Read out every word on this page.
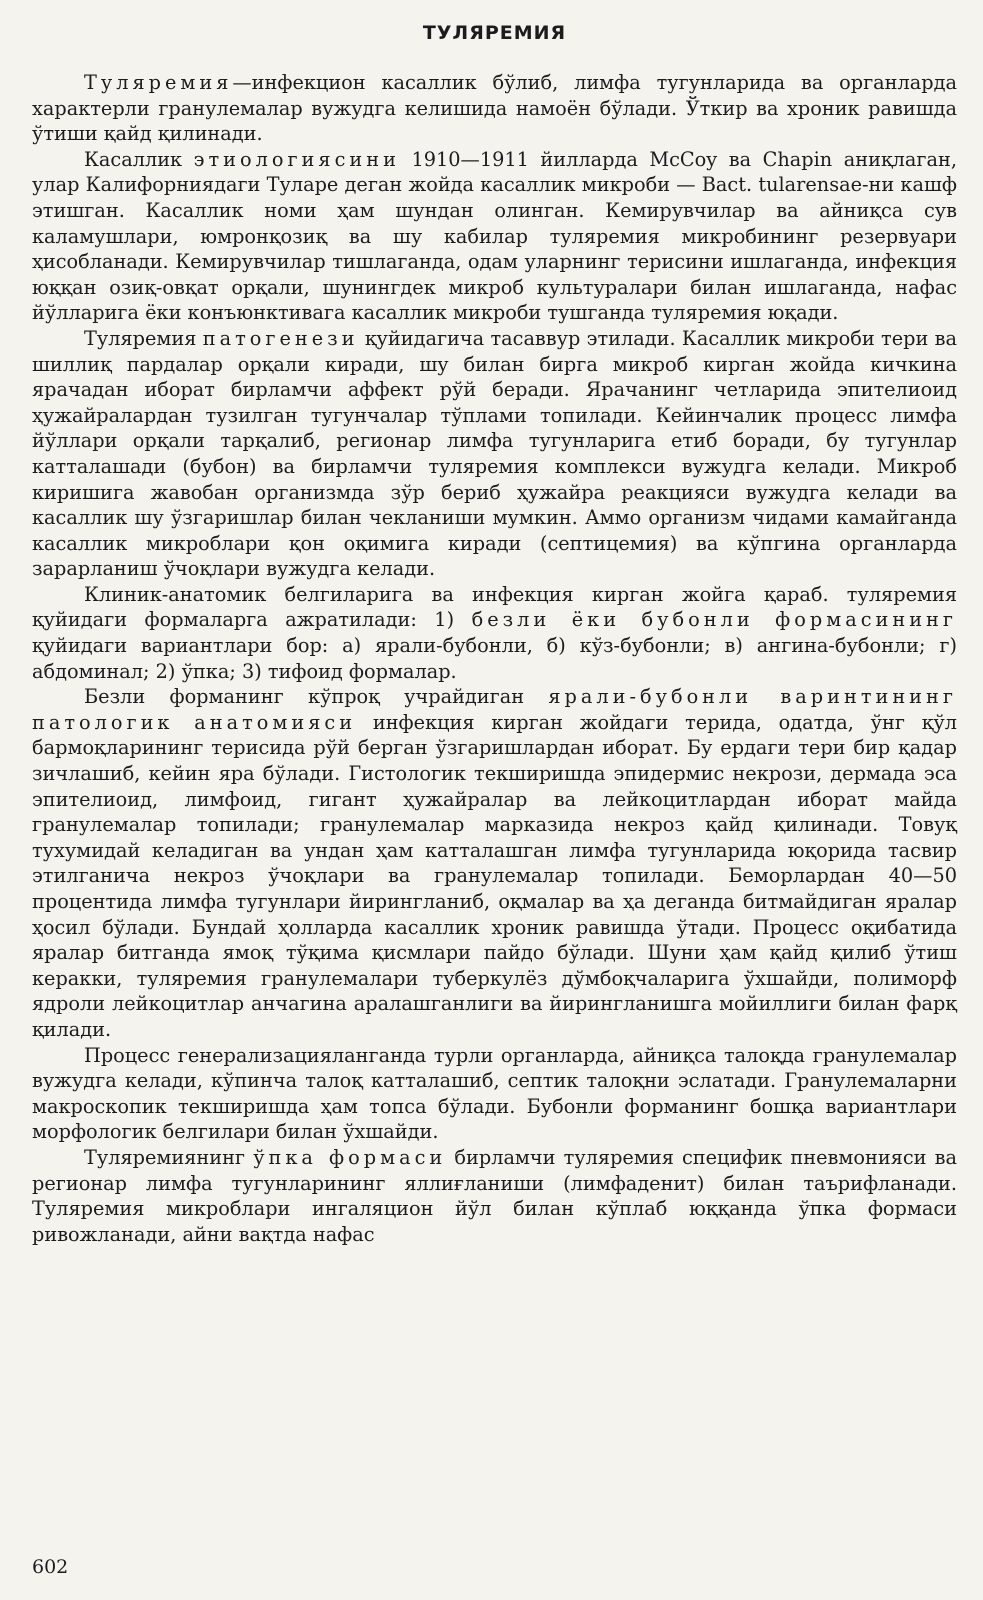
ТУЛЯРЕМИЯ

Туляремия—инфекцион касаллик бўлиб, лимфа тугунларида ва органларда характерли гранулемалар вужудга келишида намоён бўлади. Ўткир ва хроник равишда ўтиши қайд қилинади.

Касаллик этиологиясини 1910—1911 йилларда McCoy ва Chapin аниқлаган, улар Калифорниядаги Туларе деган жойда касаллик микроби — Bact. tularensae-ни кашф этишган. Касаллик номи ҳам шундан олинган. Кемирувчилар ва айниқса сув каламушлари, юмронқозиқ ва шу кабилар туляремия микробининг резервуари ҳисобланади. Кемирувчилар тишлаганда, одам уларнинг терисини ишлаганда, инфекция юққан озиқ-овқат орқали, шунингдек микроб культуралари билан ишлаганда, нафас йўлларига ёки конъюнктивага касаллик микроби тушганда туляремия юқади.

Туляремия патогенези қуйидагича тасаввур этилади. Касаллик микроби тери ва шиллиқ пардалар орқали киради, шу билан бирга микроб кирган жойда кичкина ярачадан иборат бирламчи аффект рўй беради. Ярачанинг четларида эпителиоид ҳужайралардан тузилган тугунчалар тўплами топилади. Кейинчалик процесс лимфа йўллари орқали тарқалиб, регионар лимфа тугунларига етиб боради, бу тугунлар катталашади (бубон) ва бирламчи туляремия комплекси вужудга келади. Микроб киришига жавобан организмда зўр бериб ҳужайра реакцияси вужудга келади ва касаллик шу ўзгаришлар билан чекланиши мумкин. Аммо организм чидами камайганда касаллик микроблари қон оқимига киради (септицемия) ва кўпгина органларда зарарланиш ўчоқлари вужудга келади.

Клиник-анатомик белгиларига ва инфекция кирган жойга қараб. туляремия қуйидаги формаларга ажратилади: 1) безли ёки бубонли формасининг қуйидаги вариантлари бор: а) ярали-бубонли, б) кўз-бубонли; в) ангина-бубонли; г) абдоминал; 2) ўпка; 3) тифоид формалар.

Безли форманинг кўпроқ учрайдиган ярали-бубонли варинтининг патологик анатомияси инфекция кирган жойдаги терида, одатда, ўнг қўл бармоқларининг терисида рўй берган ўзгаришлардан иборат. Бу ердаги тери бир қадар зичлашиб, кейин яра бўлади. Гистологик текширишда эпидермис некрози, дермада эса эпителиоид, лимфоид, гигант ҳужайралар ва лейкоцитлардан иборат майда гранулемалар топилади; гранулемалар марказида некроз қайд қилинади. Товуқ тухумидай келадиган ва ундан ҳам катталашган лимфа тугунларида юқорида тасвир этилганича некроз ўчоқлари ва гранулемалар топилади. Беморлардан 40—50 процентида лимфа тугунлари йирингланиб, оқмалар ва ҳа деганда битмайдиган яралар ҳосил бўлади. Бундай ҳолларда касаллик хроник равишда ўтади. Процесс оқибатида яралар битганда ямоқ тўқима қисмлари пайдо бўлади. Шуни ҳам қайд қилиб ўтиш керакки, туляремия гранулемалари туберкулёз дўмбоқчаларига ўхшайди, полиморф ядроли лейкоцитлар анчагина аралашганлиги ва йирингланишга мойиллиги билан фарқ қилади.

Процесс генерализацияланганда турли органларда, айниқса талоқда гранулемалар вужудга келади, кўпинча талоқ катталашиб, септик талоқни эслатади. Гранулемаларни макроскопик текширишда ҳам топса бўлади. Бубонли форманинг бошқа вариантлари морфологик белгилари билан ўхшайди.

Туляремиянинг ўпка формаси бирламчи туляремия специфик пневмонияси ва регионар лимфа тугунларининг яллиғланиши (лимфаденит) билан таърифланади. Туляремия микроблари ингаляцион йўл билан кўплаб юққанда ўпка формаси ривожланади, айни вақтда нафас

602
